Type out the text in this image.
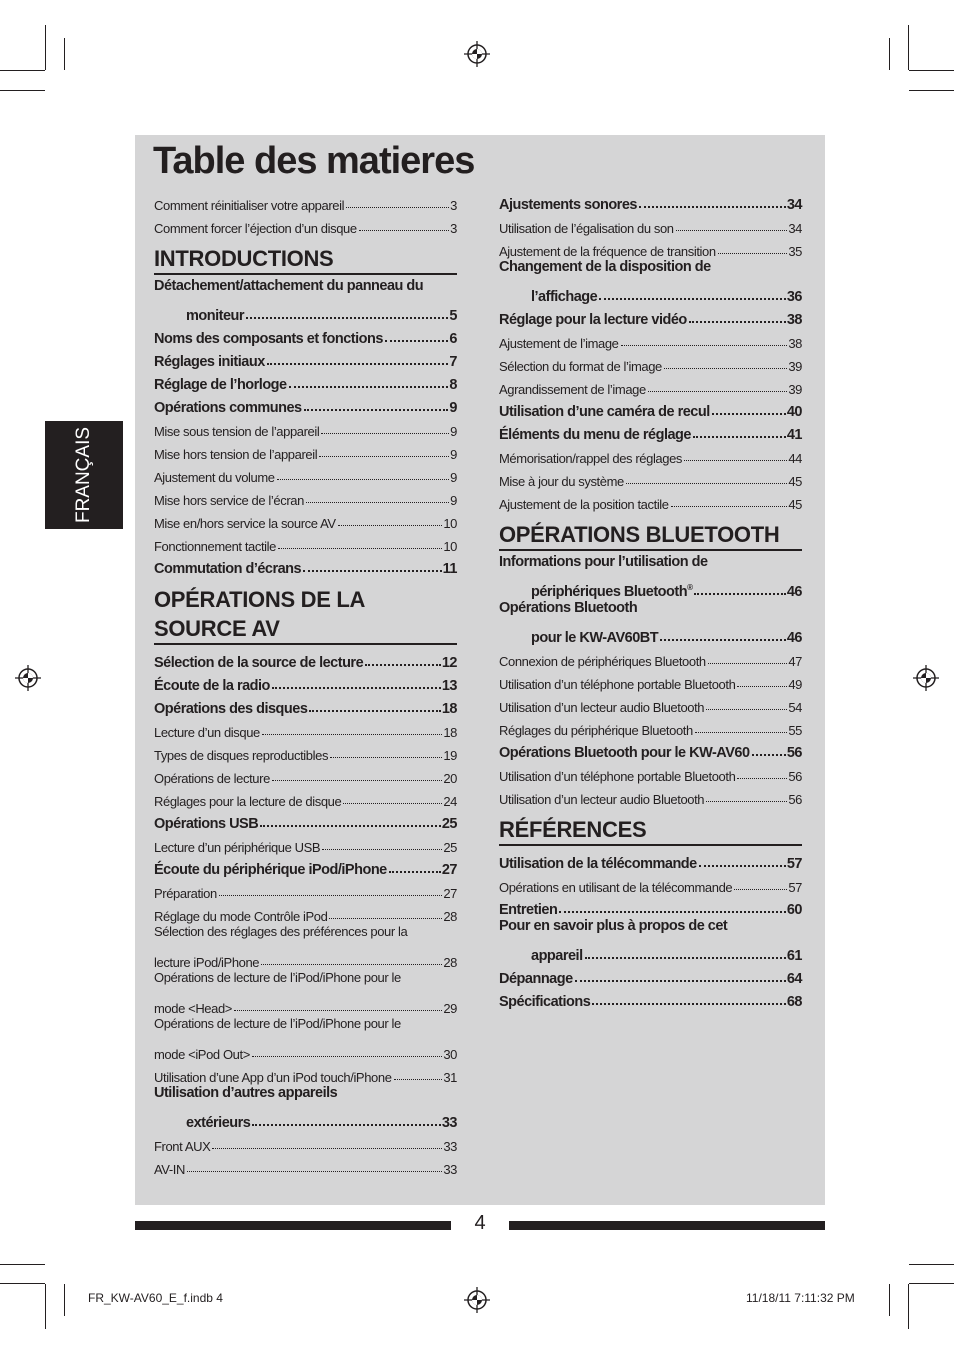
Table des matieres
FRANÇAIS
Comment réinitialiser votre appareil	3
Comment forcer l’éjection d’un disque	3
INTRODUCTIONS
Détachement/attachement du panneau du
moniteur	5
Noms des composants et fonctions	6
Réglages initiaux	7
Réglage de l’horloge	8
Opérations communes	9
Mise sous tension de l’appareil	9
Mise hors tension de l’appareil	9
Ajustement du volume	9
Mise hors service de l’écran	9
Mise en/hors service la source AV	10
Fonctionnement tactile	10
Commutation d’écrans	11
OPÉRATIONS DE LA
SOURCE AV
Sélection de la source de lecture	12
Écoute de la radio	13
Opérations des disques	18
Lecture d’un disque	18
Types de disques reproductibles	19
Opérations de lecture	20
Réglages pour la lecture de disque	24
Opérations USB	25
Lecture d’un périphérique USB	25
Écoute du périphérique iPod/iPhone	27
Préparation	27
Réglage du mode Contrôle iPod	28
Sélection des réglages des préférences pour la
lecture iPod/iPhone	28
Opérations de lecture de l’iPod/iPhone pour le
mode <Head>	29
Opérations de lecture de l’iPod/iPhone pour le
mode <iPod Out>	30
Utilisation d’une App d’un iPod touch/iPhone	31
Utilisation d’autres appareils
extérieurs	33
Front AUX	33
AV-IN	33
Ajustements sonores	34
Utilisation de l’égalisation du son	34
Ajustement de la fréquence de transition	35
Changement de la disposition de
l’affichage	36
Réglage pour la lecture vidéo	38
Ajustement de l’image	38
Sélection du format de l’image	39
Agrandissement de l’image	39
Utilisation d’une caméra de recul	40
Éléments du menu de réglage	41
Mémorisation/rappel des réglages	44
Mise à jour du système	45
Ajustement de la position tactile	45
OPÉRATIONS BLUETOOTH
Informations pour l’utilisation de
périphériques Bluetooth®	46
Opérations Bluetooth
pour le KW-AV60BT	46
Connexion de périphériques Bluetooth	47
Utilisation d’un téléphone portable Bluetooth	49
Utilisation d’un lecteur audio Bluetooth	54
Réglages du périphérique Bluetooth	55
Opérations Bluetooth pour le KW-AV60	56
Utilisation d’un téléphone portable Bluetooth	56
Utilisation d’un lecteur audio Bluetooth	56
RÉFÉRENCES
Utilisation de la télécommande	57
Opérations en utilisant de la télécommande	57
Entretien	60
Pour en savoir plus à propos de cet
appareil	61
Dépannage	64
Spécifications	68
4
FR_KW-AV60_E_f.indb 4	11/18/11 7:11:32 PM
